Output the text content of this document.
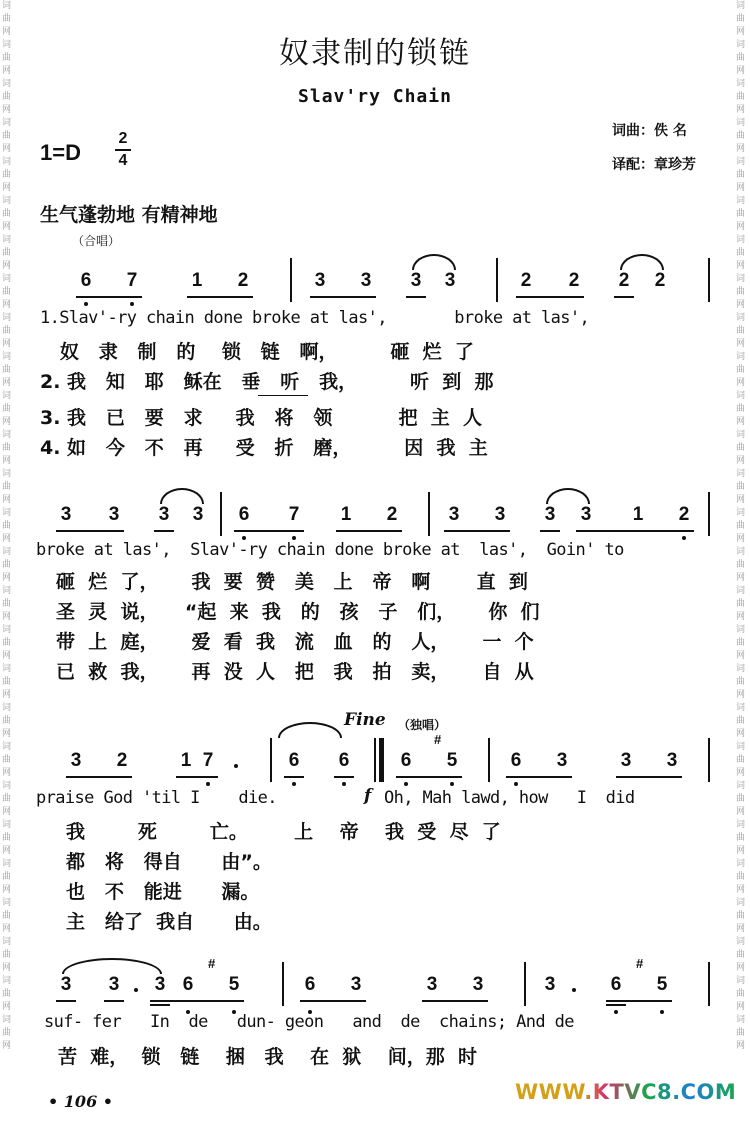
词曲网词曲网词曲网词曲网词曲网词曲网词曲网词曲网词曲网词曲网词曲网词曲网词曲网词曲网词曲网词曲网词曲网词曲网词曲网词曲网词曲网词曲网词曲网词曲网词曲网词曲网词曲网
词曲网词曲网词曲网词曲网词曲网词曲网词曲网词曲网词曲网词曲网词曲网词曲网词曲网词曲网词曲网词曲网词曲网词曲网词曲网词曲网词曲网词曲网词曲网词曲网词曲网词曲网词曲网
奴隶制的锁链
Slav'ry Chain
1=D
2
4
词曲：佚 名
译配：章珍芳
生气蓬勃地 有精神地
（合唱）
6 7	1 2	3 3 3 3	2 2 2 2
1.Slav'-ry chain done broke at las',       broke at las',
奴   隶   制   的    锁   链   啊，        砸  烂  了
2. 我   知   耶   稣在   垂   听   我，        听  到  那
3. 我   已   要   求     我   将   领          把  主  人
4. 如   今   不   再     受   折   磨，        因  我  主
3 3 3 3 6 7 1 2	3 3 3 3 1 2
broke at las',  Slav'-ry chain done broke at  las',  Goin' to
砸  烂  了，     我  要  赞   美   上   帝   啊       直  到
圣  灵  说，    “起  来  我   的   孩   子   们，     你  们
带  上  庭，     爱  看  我   流   血   的   人，     一  个
已  救  我，     再  没  人   把   我   拍   卖，     自  从
Fine （独唱）
3 2	1 7	6 6	6 5
#
6 3	3 3
praise God 'til I    die.	f Oh, Mah lawd, how   I  did
我        死        亡。       上    帝    我  受  尽  了
都   将   得自      由”。
也   不   能进      漏。
主   给了  我自      由。
3 3 3 6
#
5	6 3	3 3	3	6
#
5
suf- fer   In  de   dun- geon   and  de  chains; And de
苦  难，  锁   链    捆   我    在  狱    间，那  时
• 106 •	WWW.KTVC8.COM
